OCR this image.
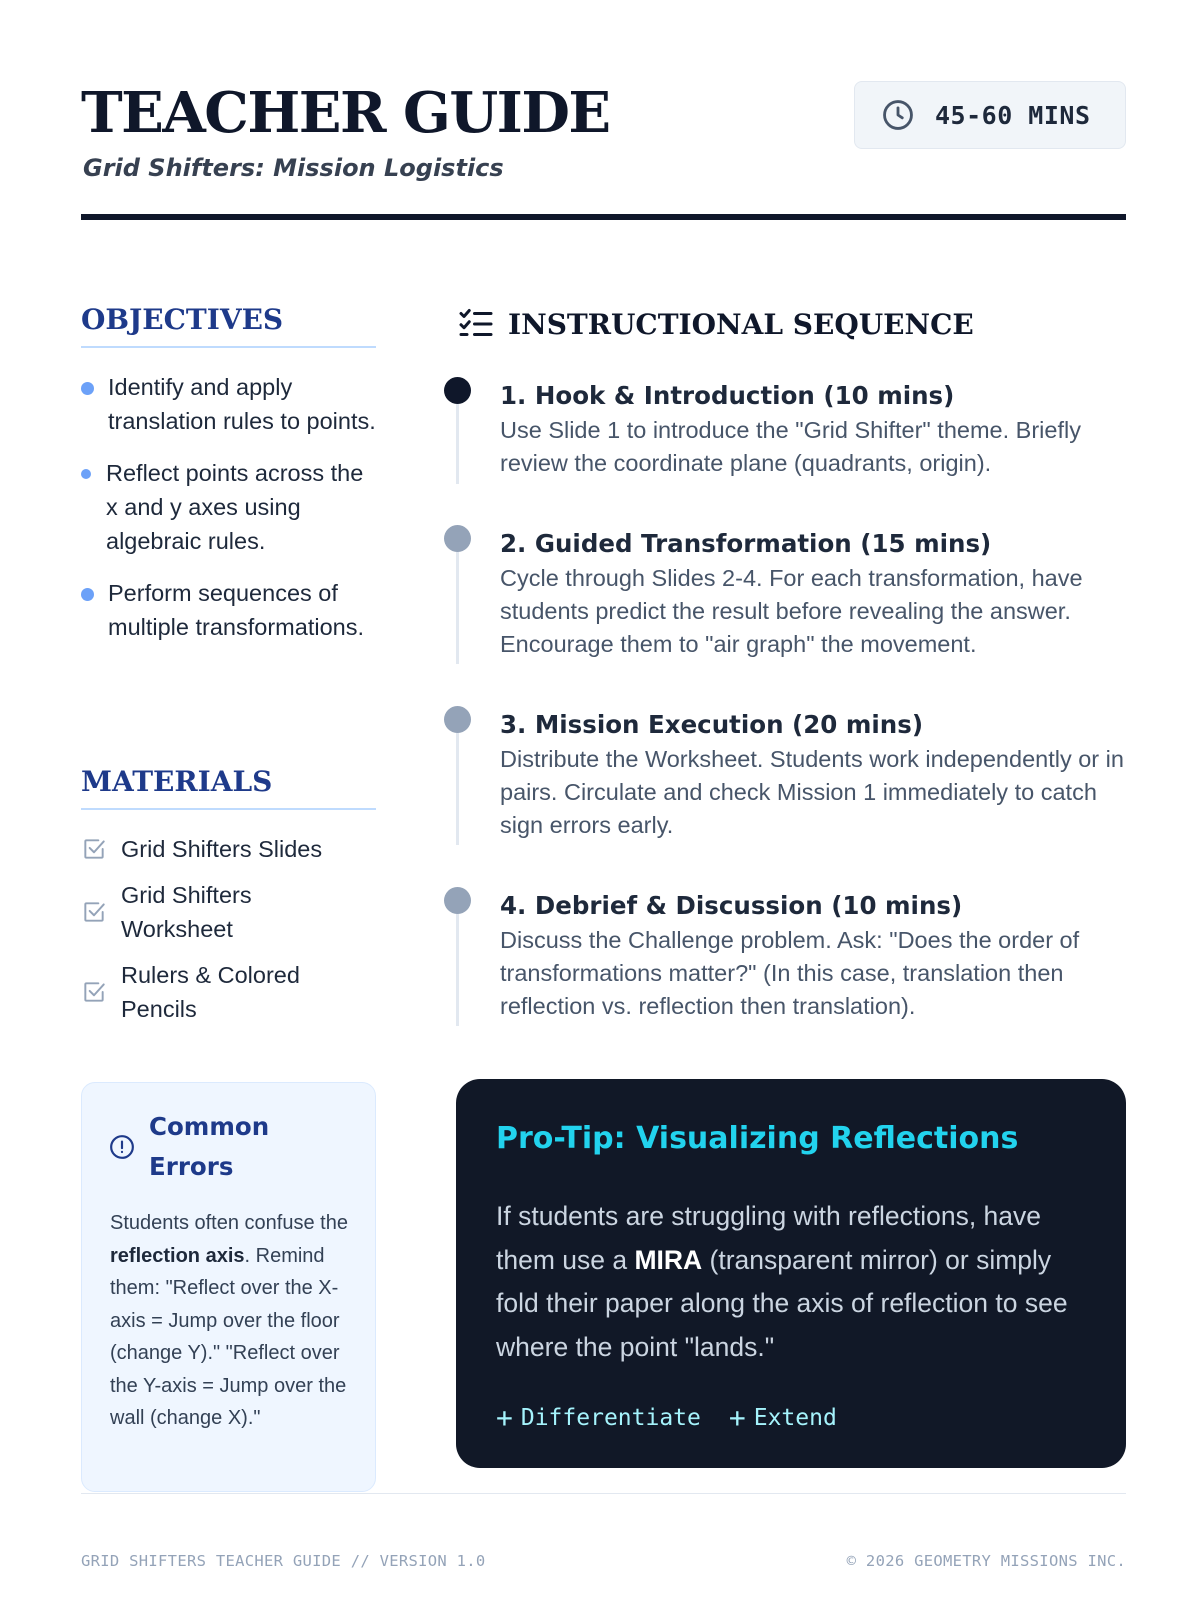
TEACHER GUIDE
Grid Shifters: Mission Logistics
45-60 MINS
OBJECTIVES
Identify and apply translation rules to points.
Reflect points across the x and y axes using algebraic rules.
Perform sequences of multiple transformations.
MATERIALS
Grid Shifters Slides
Grid Shifters Worksheet
Rulers & Colored Pencils
INSTRUCTIONAL SEQUENCE
1. Hook & Introduction (10 mins)
Use Slide 1 to introduce the "Grid Shifter" theme. Briefly review the coordinate plane (quadrants, origin).
2. Guided Transformation (15 mins)
Cycle through Slides 2-4. For each transformation, have students predict the result before revealing the answer. Encourage them to "air graph" the movement.
3. Mission Execution (20 mins)
Distribute the Worksheet. Students work independently or in pairs. Circulate and check Mission 1 immediately to catch sign errors early.
4. Debrief & Discussion (10 mins)
Discuss the Challenge problem. Ask: "Does the order of transformations matter?" (In this case, translation then reflection vs. reflection then translation).
Common Errors
Students often confuse the reflection axis. Remind them: "Reflect over the X-axis = Jump over the floor (change Y)." "Reflect over the Y-axis = Jump over the wall (change X)."
Pro-Tip: Visualizing Reflections
If students are struggling with reflections, have them use a MIRA (transparent mirror) or simply fold their paper along the axis of reflection to see where the point "lands."
+ Differentiate + Extend
GRID SHIFTERS TEACHER GUIDE // VERSION 1.0	© 2026 GEOMETRY MISSIONS INC.
